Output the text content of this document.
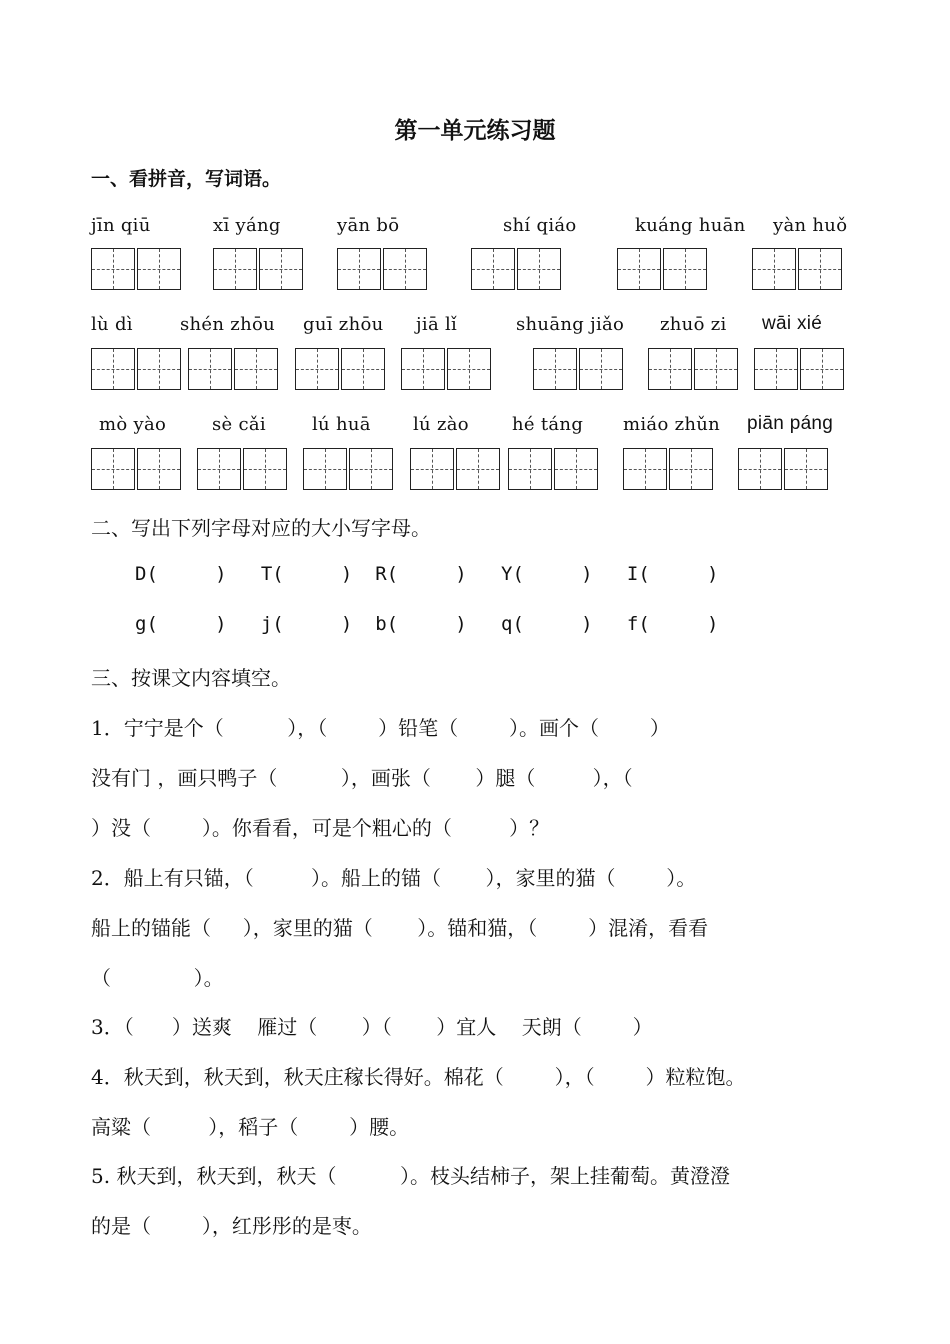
第一单元练习题
一、看拼音，写词语。
jīn qiū	xī yáng	yān bō	shí qiáo	kuáng huān yàn huǒ
lù dì	shén zhōu guī zhōu jiā lǐ	shuāng jiǎo zhuō zi wāi xié
mò yào	sè cǎi	lú huā lú zào hé táng miáo zhǔn piān páng
二、写出下列字母对应的大小写字母。
D(     )   T(     )  R(     )   Y(     )   I(     )
g(     )   j(     )  b(     )   q(     )   f(     )
三、按课文内容填空。
1．宁宁是个（          ），（        ）铅笔（        ）。画个（        ）
没有门 ，画只鸭子（          ），画张（       ）腿（         ），（
）没（        ）。你看看，可是个粗心的（         ）？
2．船上有只锚，（         ）。船上的锚（       ），家里的猫（        ）。
船上的锚能（     ），家里的猫（       ）。锚和猫，（        ）混淆，看看
（             ）。
3．（      ）送爽    雁过（       ）（       ）宜人    天朗（        ）
4．秋天到，秋天到，秋天庄稼长得好。棉花（        ），（        ）粒粒饱。
高粱（         ），稻子（        ）腰。
5. 秋天到，秋天到，秋天（          ）。枝头结柿子，架上挂葡萄。黄澄澄
的是（        ），红彤彤的是枣。
